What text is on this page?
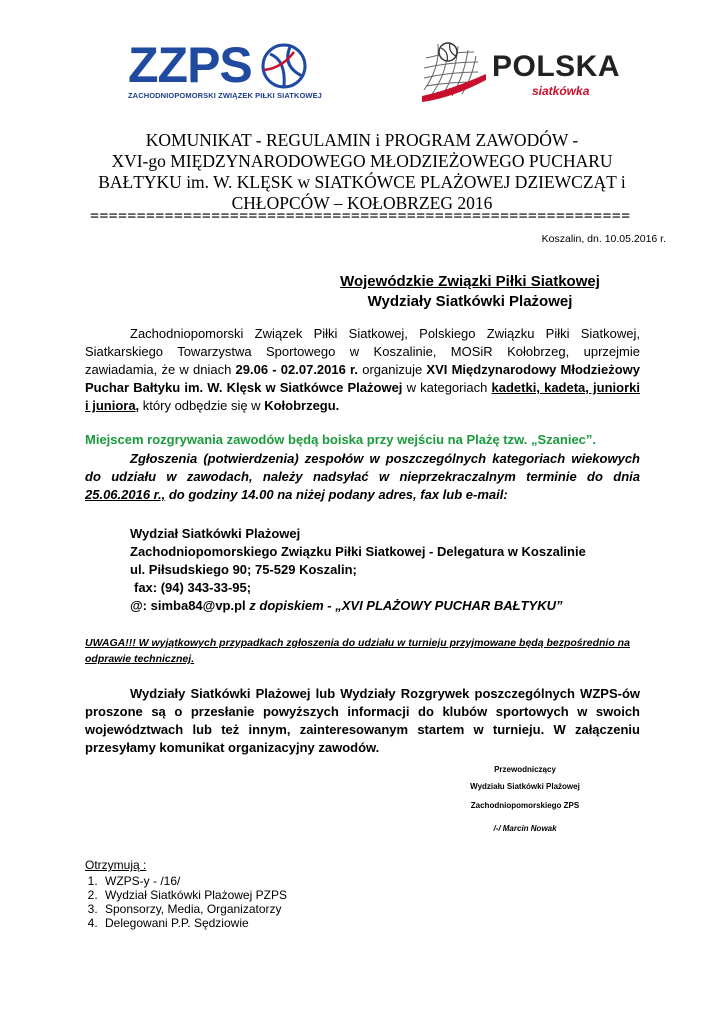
ZZPS
ZACHODNIOPOMORSKI ZWIĄZEK PIŁKI SIATKOWEJ
POLSKA
siatkówka
KOMUNIKAT - REGULAMIN i PROGRAM ZAWODÓW -
XVI-go MIĘDZYNARODOWEGO MŁODZIEŻOWEGO PUCHARU
BAŁTYKU im. W. KLĘSK w SIATKÓWCE PLAŻOWEJ DZIEWCZĄT i
CHŁOPCÓW – KOŁOBRZEG 2016
==========================================================
Koszalin, dn. 10.05.2016 r.
Wojewódzkie Związki Piłki Siatkowej
Wydziały Siatkówki Plażowej
Zachodniopomorski Związek Piłki Siatkowej, Polskiego Związku Piłki Siatkowej, Siatkarskiego Towarzystwa Sportowego w Koszalinie, MOSiR Kołobrzeg, uprzejmie zawiadamia, że w dniach 29.06 - 02.07.2016 r. organizuje XVI Międzynarodowy Młodzieżowy Puchar Bałtyku im. W. Klęsk w Siatkówce Plażowej w kategoriach kadetki, kadeta, juniorki i juniora, który odbędzie się w Kołobrzegu.
Miejscem rozgrywania zawodów będą boiska przy wejściu na Plażę tzw. „Szaniec”.
Zgłoszenia (potwierdzenia) zespołów w poszczególnych kategoriach wiekowych do udziału w zawodach, należy nadsyłać w nieprzekraczalnym terminie do dnia 25.06.2016 r., do godziny 14.00 na niżej podany adres, fax lub e-mail:
Wydział Siatkówki Plażowej
Zachodniopomorskiego Związku Piłki Siatkowej - Delegatura w Koszalinie
ul. Piłsudskiego 90; 75-529 Koszalin;
fax: (94) 343-33-95;
@: simba84@vp.pl z dopiskiem - „XVI PLAŻOWY PUCHAR BAŁTYKU”
UWAGA!!! W wyjątkowych przypadkach zgłoszenia do udziału w turnieju przyjmowane będą bezpośrednio na odprawie technicznej.
Wydziały Siatkówki Plażowej lub Wydziały Rozgrywek poszczególnych WZPS-ów proszone są o przesłanie powyższych informacji do klubów sportowych w swoich województwach lub też innym, zainteresowanym startem w turnieju. W załączeniu przesyłamy komunikat organizacyjny zawodów.
Przewodniczący
Wydziału Siatkówki Plażowej
Zachodniopomorskiego ZPS
/-/ Marcin Nowak
Otrzymują :
1. WZPS-y - /16/
2. Wydział Siatkówki Plażowej PZPS
3. Sponsorzy, Media, Organizatorzy
4. Delegowani P.P. Sędziowie
